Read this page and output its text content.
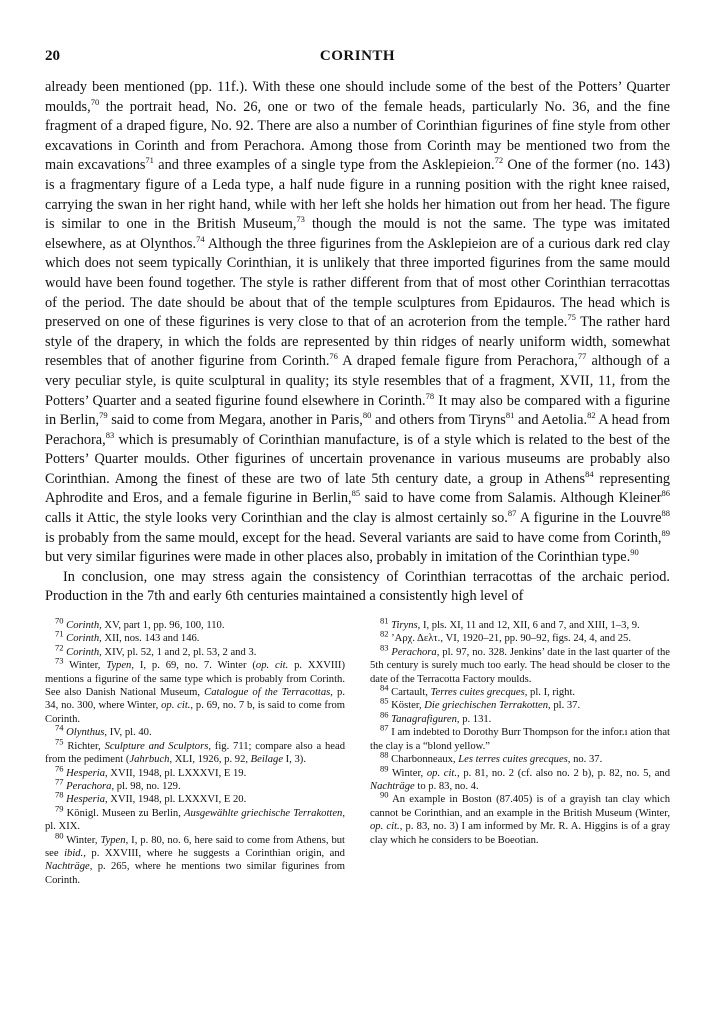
20	CORINTH

already been mentioned (pp. 11f.). With these one should include some of the best of the Potters’ Quarter moulds,$^{70}$ the portrait head, No. 26, one or two of the female heads, particularly No. 36, and the fine fragment of a draped figure, No. 92. There are also a number of Corinthian figurines of fine style from other excavations in Corinth and from Perachora. Among those from Corinth may be mentioned two from the main excavations$^{71}$ and three examples of a single type from the Asklepieion.$^{72}$ One of the former (no. 143) is a fragmentary figure of a Leda type, a half nude figure in a running position with the right knee raised, carrying the swan in her right hand, while with her left she holds her himation out from her head. The figure is similar to one in the British Museum,$^{73}$ though the mould is not the same. The type was imitated elsewhere, as at Olynthos.$^{74}$ Although the three figurines from the Asklepieion are of a curious dark red clay which does not seem typically Corinthian, it is unlikely that three imported figurines from the same mould would have been found together. The style is rather different from that of most other Corinthian terracottas of the period. The date should be about that of the temple sculptures from Epidauros. The head which is preserved on one of these figurines is very close to that of an acroterion from the temple.$^{75}$ The rather hard style of the drapery, in which the folds are represented by thin ridges of nearly uniform width, somewhat resembles that of another figurine from Corinth.$^{76}$ A draped female figure from Perachora,$^{77}$ although of a very peculiar style, is quite sculptural in quality; its style resembles that of a fragment, XVII, 11, from the Potters’ Quarter and a seated figurine found elsewhere in Corinth.$^{78}$ It may also be compared with a figurine in Berlin,$^{79}$ said to come from Megara, another in Paris,$^{80}$ and others from Tiryns$^{81}$ and Aetolia.$^{82}$ A head from Perachora,$^{83}$ which is presumably of Corinthian manufacture, is of a style which is related to the best of the Potters’ Quarter moulds. Other figurines of uncertain provenance in various museums are probably also Corinthian. Among the finest of these are two of late 5th century date, a group in Athens$^{84}$ representing Aphrodite and Eros, and a female figurine in Berlin,$^{85}$ said to have come from Salamis. Although Kleiner$^{86}$ calls it Attic, the style looks very Corinthian and the clay is almost certainly so.$^{87}$ A figurine in the Louvre$^{88}$ is probably from the same mould, except for the head. Several variants are said to have come from Corinth,$^{89}$ but very similar figurines were made in other places also, probably in imitation of the Corinthian type.$^{90}$

In conclusion, one may stress again the consistency of Corinthian terracottas of the archaic period. Production in the 7th and early 6th centuries maintained a consistently high level of

$^{70}$ Corinth, XV, part 1, pp. 96, 100, 110.
$^{71}$ Corinth, XII, nos. 143 and 146.
$^{72}$ Corinth, XIV, pl. 52, 1 and 2, pl. 53, 2 and 3.
$^{73}$ Winter, Typen, I, p. 69, no. 7. Winter (op. cit. p. XXVIII) mentions a figurine of the same type which is probably from Corinth. See also Danish National Museum, Catalogue of the Terracottas, p. 34, no. 300, where Winter, op. cit., p. 69, no. 7 b, is said to come from Corinth.
$^{74}$ Olynthus, IV, pl. 40.
$^{75}$ Richter, Sculpture and Sculptors, fig. 711; compare also a head from the pediment (Jahrbuch, XLI, 1926, p. 92, Beilage I, 3).
$^{76}$ Hesperia, XVII, 1948, pl. LXXXVI, E 19.
$^{77}$ Perachora, pl. 98, no. 129.
$^{78}$ Hesperia, XVII, 1948, pl. LXXXVI, E 20.
$^{79}$ Königl. Museen zu Berlin, Ausgewählte griechische Terrakotten, pl. XIX.
$^{80}$ Winter, Typen, I, p. 80, no. 6, here said to come from Athens, but see ibid., p. XXVIII, where he suggests a Corinthian origin, and Nachträge, p. 265, where he mentions two similar figurines from Corinth.
$^{81}$ Tiryns, I, pls. XI, 11 and 12, XII, 6 and 7, and XIII, 1–3, 9.
$^{82}$ ’Αρχ. Δελτ., VI, 1920–21, pp. 90–92, figs. 24, 4, and 25.
$^{83}$ Perachora, pl. 97, no. 328. Jenkins’ date in the last quarter of the 5th century is surely much too early. The head should be closer to the date of the Terracotta Factory moulds.
$^{84}$ Cartault, Terres cuites grecques, pl. I, right.
$^{85}$ Köster, Die griechischen Terrakotten, pl. 37.
$^{86}$ Tanagrafiguren, p. 131.
$^{87}$ I am indebted to Dorothy Burr Thompson for the infor.ı ation that the clay is a “blond yellow.”
$^{88}$ Charbonneaux, Les terres cuites grecques, no. 37.
$^{89}$ Winter, op. cit., p. 81, no. 2 (cf. also no. 2 b), p. 82, no. 5, and Nachträge to p. 83, no. 4.
$^{90}$ An example in Boston (87.405) is of a grayish tan clay which cannot be Corinthian, and an example in the British Museum (Winter, op. cit., p. 83, no. 3) I am informed by Mr. R. A. Higgins is of a gray clay which he considers to be Boeotian.
